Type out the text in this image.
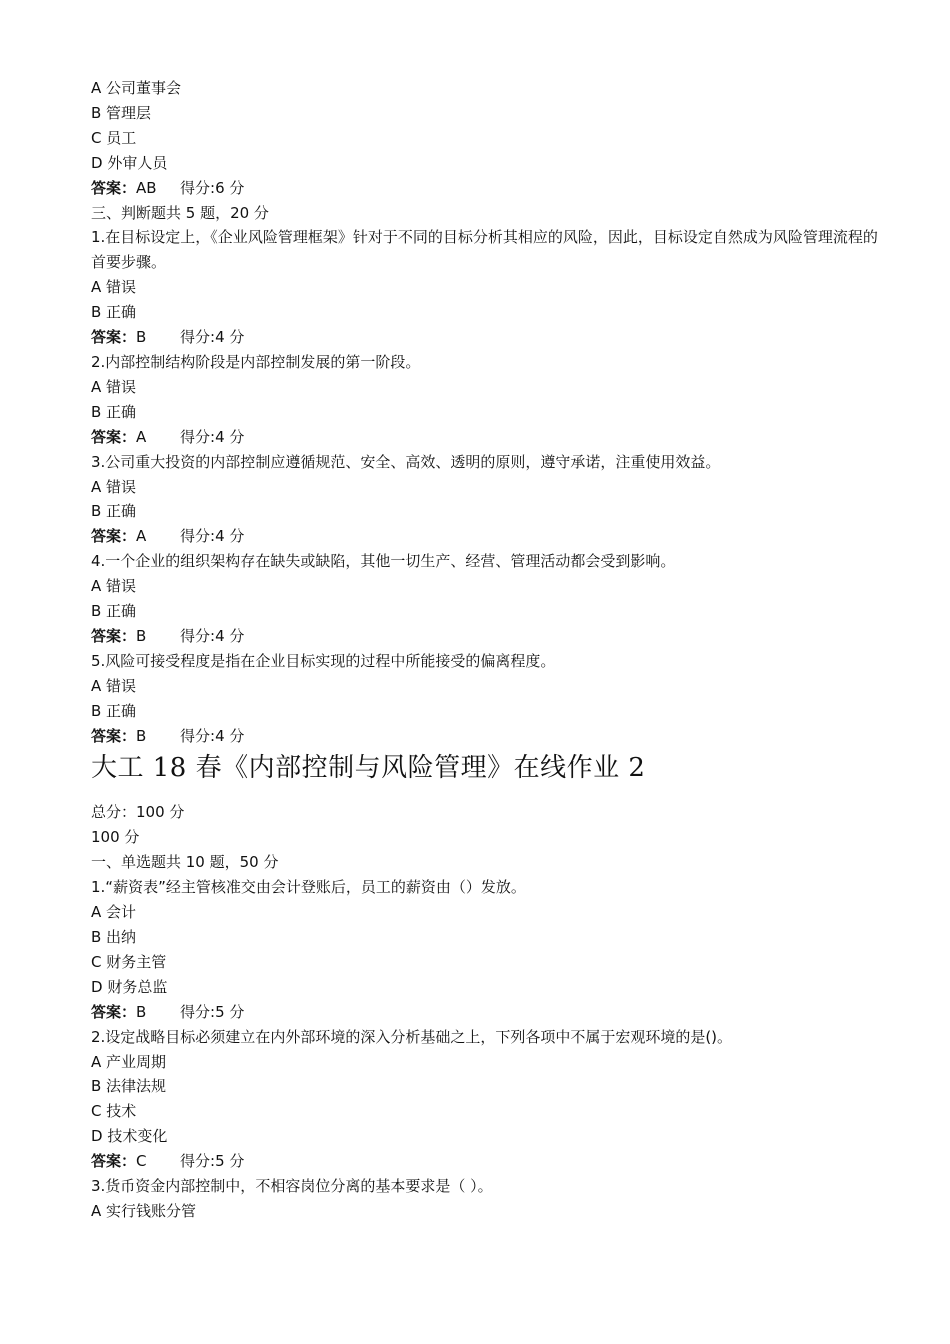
A 公司董事会
B 管理层
C 员工
D 外审人员
答案：AB 得分:6 分
三、判断题共 5 题，20 分
1.在目标设定上，《企业风险管理框架》针对于不同的目标分析其相应的风险，因此，目标设定自然成为风险管理流程的首要步骤。
A 错误
B 正确
答案：B 得分:4 分
2.内部控制结构阶段是内部控制发展的第一阶段。
A 错误
B 正确
答案：A 得分:4 分
3.公司重大投资的内部控制应遵循规范、安全、高效、透明的原则，遵守承诺，注重使用效益。
A 错误
B 正确
答案：A 得分:4 分
4.一个企业的组织架构存在缺失或缺陷，其他一切生产、经营、管理活动都会受到影响。
A 错误
B 正确
答案：B 得分:4 分
5.风险可接受程度是指在企业目标实现的过程中所能接受的偏离程度。
A 错误
B 正确
答案：B 得分:4 分
大工 18 春《内部控制与风险管理》在线作业 2
总分：100 分
100 分
一、单选题共 10 题，50 分
1.“薪资表”经主管核准交由会计登账后，员工的薪资由（）发放。
A 会计
B 出纳
C 财务主管
D 财务总监
答案：B 得分:5 分
2.设定战略目标必须建立在内外部环境的深入分析基础之上，下列各项中不属于宏观环境的是()。
A 产业周期
B 法律法规
C 技术
D 技术变化
答案：C 得分:5 分
3.货币资金内部控制中，不相容岗位分离的基本要求是（ ）。
A 实行钱账分管
